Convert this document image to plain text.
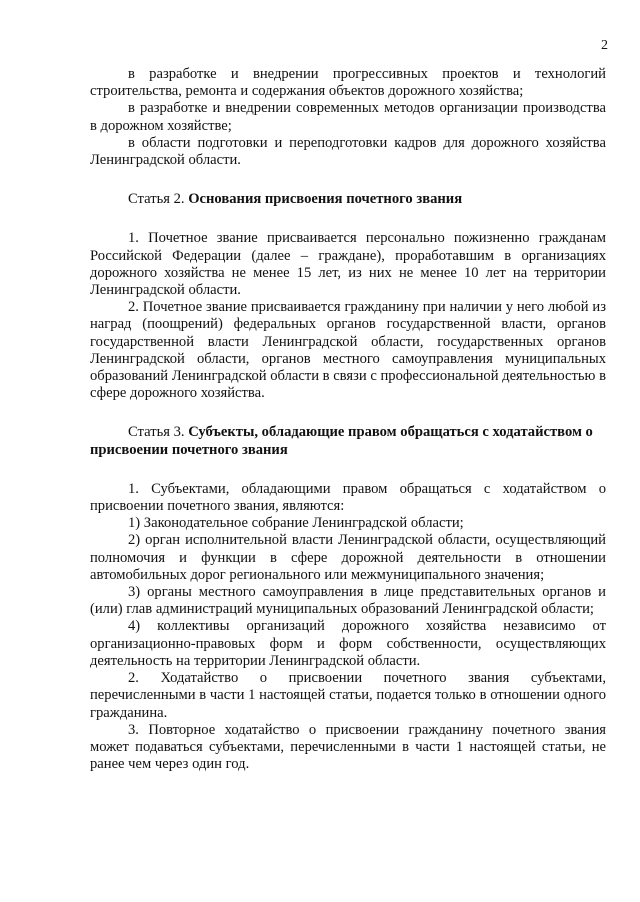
2

в разработке и внедрении прогрессивных проектов и технологий строительства, ремонта и содержания объектов дорожного хозяйства;

в разработке и внедрении современных методов организации производства в дорожном хозяйстве;

в области подготовки и переподготовки кадров для дорожного хозяйства Ленинградской области.

Статья 2. Основания присвоения почетного звания

1. Почетное звание присваивается персонально пожизненно гражданам Российской Федерации (далее – граждане), проработавшим в организациях дорожного хозяйства не менее 15 лет, из них не менее 10 лет на территории Ленинградской области.

2. Почетное звание присваивается гражданину при наличии у него любой из наград (поощрений) федеральных органов государственной власти, органов государственной власти Ленинградской области, государственных органов Ленинградской области, органов местного самоуправления муниципальных образований Ленинградской области в связи с профессиональной деятельностью в сфере дорожного хозяйства.

Статья 3. Субъекты, обладающие правом обращаться с ходатайством о присвоении почетного звания

1. Субъектами, обладающими правом обращаться с ходатайством о присвоении почетного звания, являются:

1) Законодательное собрание Ленинградской области;

2) орган исполнительной власти Ленинградской области, осуществляющий полномочия и функции в сфере дорожной деятельности в отношении автомобильных дорог регионального или межмуниципального значения;

3) органы местного самоуправления в лице представительных органов и (или) глав администраций муниципальных образований Ленинградской области;

4) коллективы организаций дорожного хозяйства независимо от организационно-правовых форм и форм собственности, осуществляющих деятельность на территории Ленинградской области.

2. Ходатайство о присвоении почетного звания субъектами, перечисленными в части 1 настоящей статьи, подается только в отношении одного гражданина.

3. Повторное ходатайство о присвоении гражданину почетного звания может подаваться субъектами, перечисленными в части 1 настоящей статьи, не ранее чем через один год.
